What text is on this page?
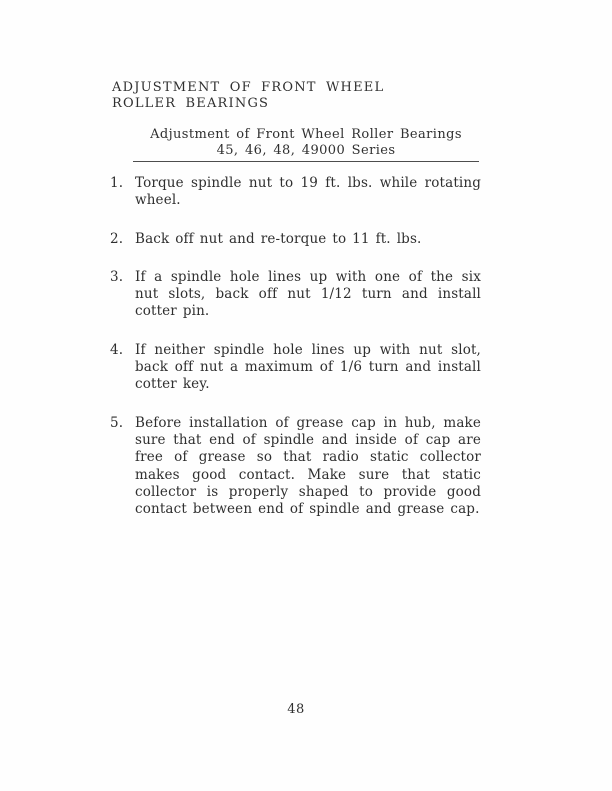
ADJUSTMENT OF FRONT WHEEL
ROLLER BEARINGS
Adjustment of Front Wheel Roller Bearings
45, 46, 48, 49000 Series
1. Torque spindle nut to 19 ft. lbs. while rotating wheel.
2. Back off nut and re-torque to 11 ft. lbs.
3. If a spindle hole lines up with one of the six nut slots, back off nut 1/12 turn and install cotter pin.
4. If neither spindle hole lines up with nut slot, back off nut a maximum of 1/6 turn and install cotter key.
5. Before installation of grease cap in hub, make sure that end of spindle and inside of cap are free of grease so that radio static collector makes good contact. Make sure that static collector is properly shaped to provide good contact between end of spindle and grease cap.
48
